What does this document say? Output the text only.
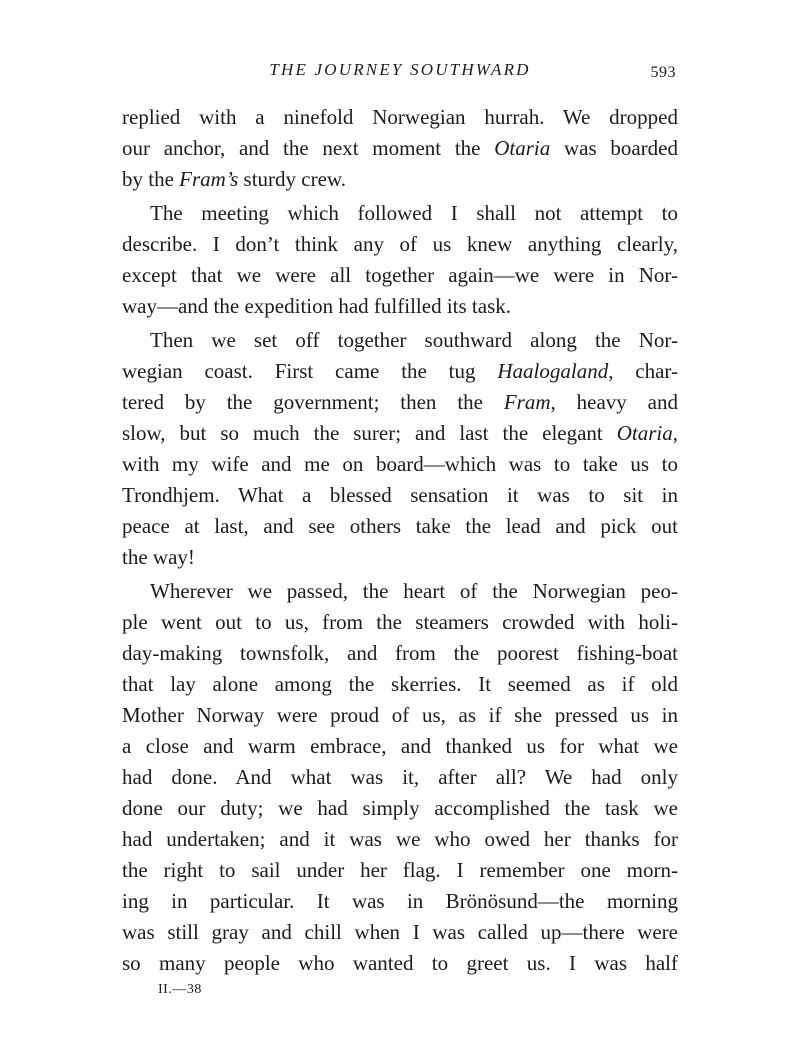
THE JOURNEY SOUTHWARD	593
replied with a ninefold Norwegian hurrah. We dropped
our anchor, and the next moment the Otaria was boarded
by the Fram’s sturdy crew.
The meeting which followed I shall not attempt to
describe. I don’t think any of us knew anything clearly,
except that we were all together again—we were in Nor-
way—and the expedition had fulfilled its task.
Then we set off together southward along the Nor-
wegian coast. First came the tug Haalogaland, char-
tered by the government; then the Fram, heavy and
slow, but so much the surer; and last the elegant Otaria,
with my wife and me on board—which was to take us to
Trondhjem. What a blessed sensation it was to sit in
peace at last, and see others take the lead and pick out
the way!
Wherever we passed, the heart of the Norwegian peo-
ple went out to us, from the steamers crowded with holi-
day-making townsfolk, and from the poorest fishing-boat
that lay alone among the skerries. It seemed as if old
Mother Norway were proud of us, as if she pressed us in
a close and warm embrace, and thanked us for what we
had done. And what was it, after all? We had only
done our duty; we had simply accomplished the task we
had undertaken; and it was we who owed her thanks for
the right to sail under her flag. I remember one morn-
ing in particular. It was in Brönösund—the morning
was still gray and chill when I was called up—there were
so many people who wanted to greet us. I was half
II.—38
